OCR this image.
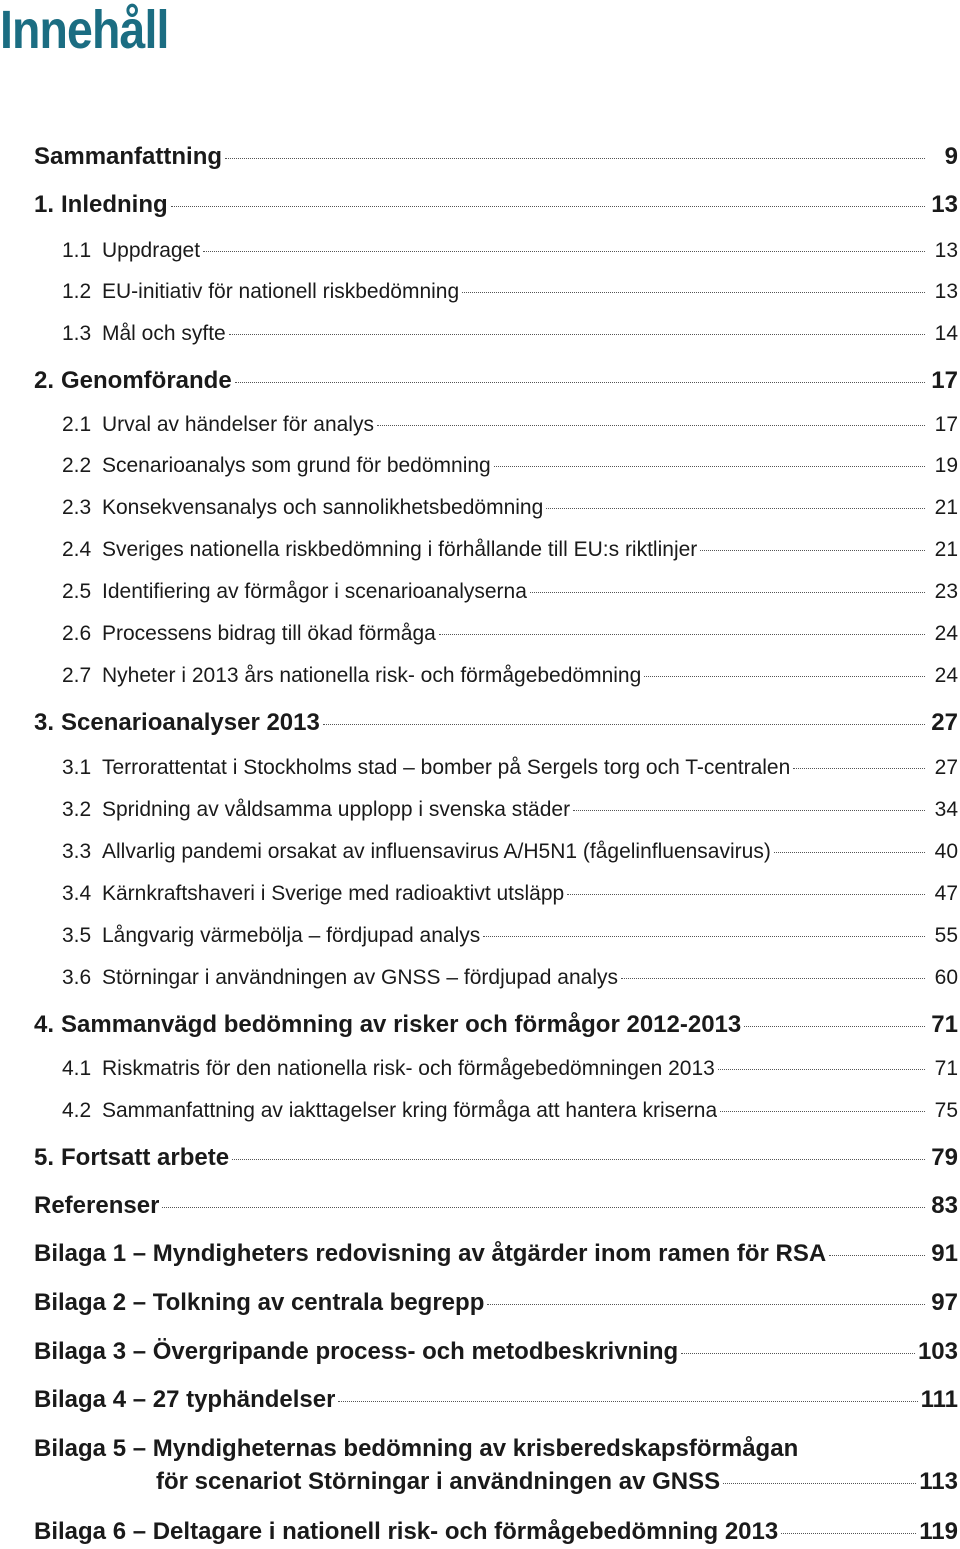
Innehåll
Sammanfattning	9
1. Inledning	13
1.1 Uppdraget	13
1.2 EU-initiativ för nationell riskbedömning	13
1.3 Mål och syfte	14
2. Genomförande	17
2.1 Urval av händelser för analys	17
2.2 Scenarioanalys som grund för bedömning	19
2.3 Konsekvensanalys och sannolikhetsbedömning	21
2.4 Sveriges nationella riskbedömning i förhållande till EU:s riktlinjer	21
2.5 Identifiering av förmågor i scenarioanalyserna	23
2.6 Processens bidrag till ökad förmåga	24
2.7 Nyheter i 2013 års nationella risk- och förmågebedömning	24
3. Scenarioanalyser 2013	27
3.1 Terrorattentat i Stockholms stad – bomber på Sergels torg och T-centralen	27
3.2 Spridning av våldsamma upplopp i svenska städer	34
3.3 Allvarlig pandemi orsakat av influensavirus A/H5N1 (fågelinfluensavirus)	40
3.4 Kärnkraftshaveri i Sverige med radioaktivt utsläpp	47
3.5 Långvarig värmebölja – fördjupad analys	55
3.6 Störningar i användningen av GNSS – fördjupad analys	60
4. Sammanvägd bedömning av risker och förmågor 2012-2013	71
4.1 Riskmatris för den nationella risk- och förmågebedömningen 2013	71
4.2 Sammanfattning av iakttagelser kring förmåga att hantera kriserna	75
5. Fortsatt arbete	79
Referenser	83
Bilaga 1 – Myndigheters redovisning av åtgärder inom ramen för RSA	91
Bilaga 2 – Tolkning av centrala begrepp	97
Bilaga 3 – Övergripande process- och metodbeskrivning	103
Bilaga 4 – 27 typhändelser	111
Bilaga 5 – Myndigheternas bedömning av krisberedskapsförmågan
för scenariot Störningar i användningen av GNSS	113
Bilaga 6 – Deltagare i nationell risk- och förmågebedömning 2013	119
